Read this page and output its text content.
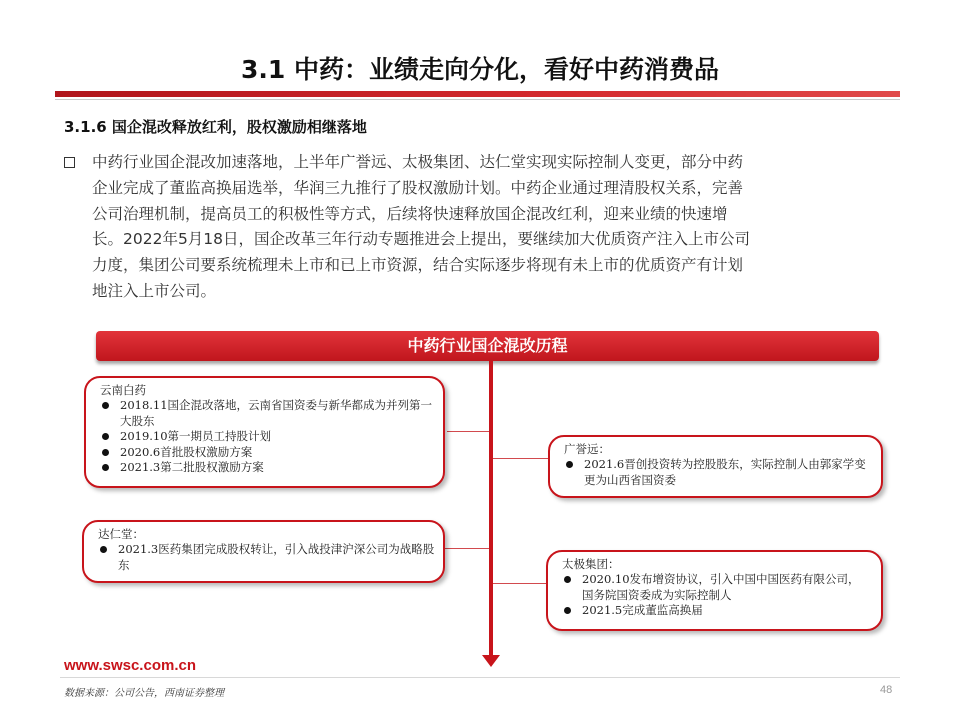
3.1 中药：业绩走向分化，看好中药消费品
3.1.6 国企混改释放红利，股权激励相继落地
中药行业国企混改加速落地，上半年广誉远、太极集团、达仁堂实现实际控制人变更，部分中药
企业完成了董监高换届选举，华润三九推行了股权激励计划。中药企业通过理清股权关系，完善
公司治理机制，提高员工的积极性等方式，后续将快速释放国企混改红利，迎来业绩的快速增
长。2022年5月18日，国企改革三年行动专题推进会上提出，要继续加大优质资产注入上市公司
力度，集团公司要系统梳理未上市和已上市资源，结合实际逐步将现有未上市的优质资产有计划
地注入上市公司。
中药行业国企混改历程
云南白药
2018.11国企混改落地，云南省国资委与新华都成为并列第一大股东
2019.10第一期员工持股计划
2020.6首批股权激励方案
2021.3第二批股权激励方案
广誉远：
2021.6晋创投资转为控股股东，实际控制人由郭家学变更为山西省国资委
达仁堂：
2021.3医药集团完成股权转让，引入战投津沪深公司为战略股东	太极集团：
2020.10发布增资协议，引入中国中国医药有限公司，国务院国资委成为实际控制人
2021.5完成董监高换届
www.swsc.com.cn
数据来源：公司公告，西南证券整理	48
